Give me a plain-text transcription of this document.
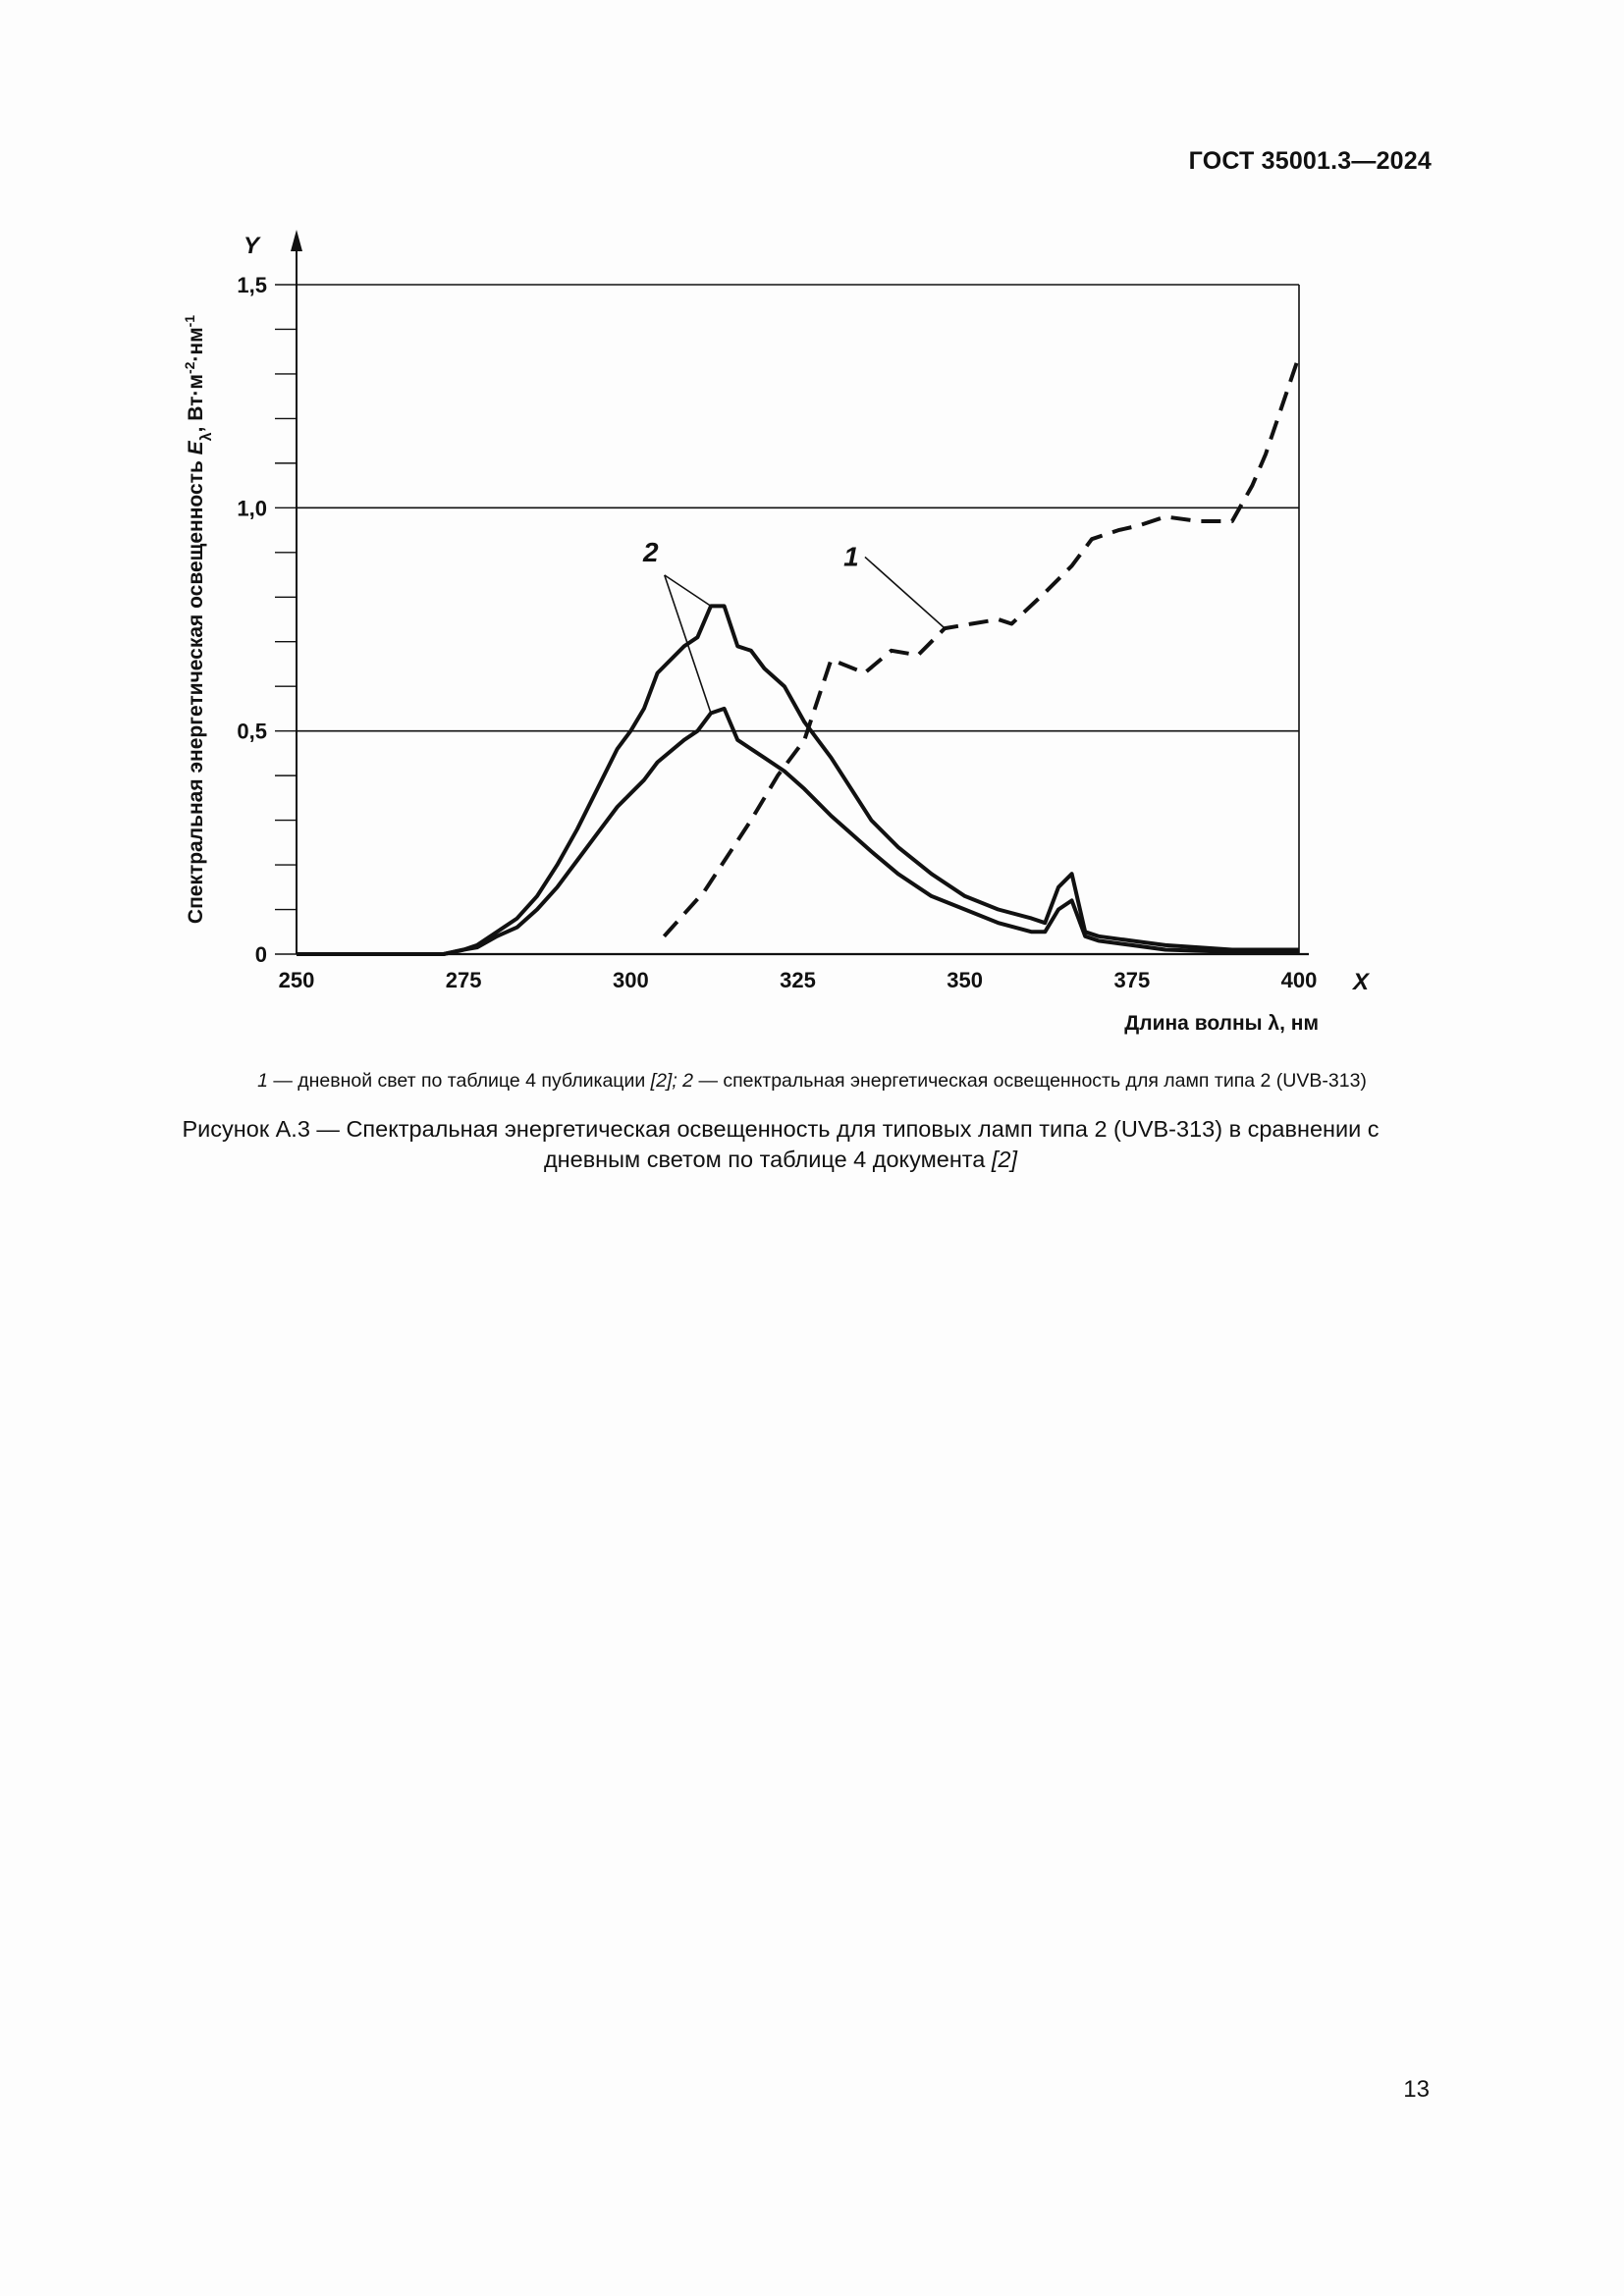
ГОСТ 35001.3—2024
0
0,5
1,0
1,5
250	275	300	325	350	375	400 X
Y
Длина волны λ, нм
Спектральная энергетическая освещенность $E_\lambda$, $Вт\cdot м^{-2}\cdot нм^{-1}$
1
2
1 — дневной свет по таблице 4 публикации [2]; 2 — спектральная энергетическая освещенность для ламп типа 2 (UVB-313)
Рисунок А.3 — Спектральная энергетическая освещенность для типовых ламп типа 2 (UVB-313) в сравнении с
дневным светом по таблице 4 документа [2]
13
